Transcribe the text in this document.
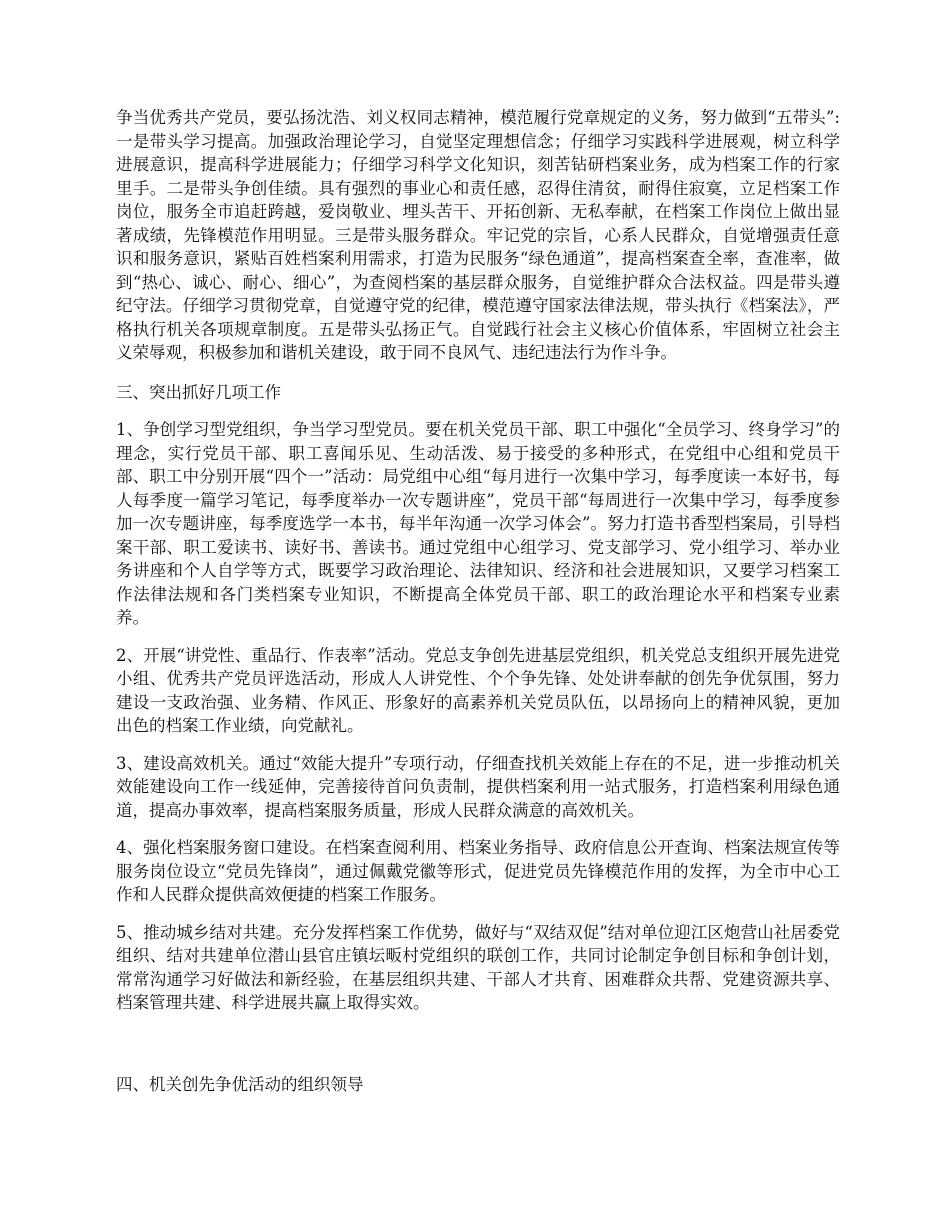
争当优秀共产党员，要弘扬沈浩、刘义权同志精神，模范履行党章规定的义务，努力做到“五带头”:一是带头学习提高。加强政治理论学习，自觉坚定理想信念；仔细学习实践科学进展观，树立科学进展意识，提高科学进展能力；仔细学习科学文化知识，刻苦钻研档案业务，成为档案工作的行家里手。二是带头争创佳绩。具有强烈的事业心和责任感，忍得住清贫，耐得住寂寞，立足档案工作岗位，服务全市追赶跨越，爱岗敬业、埋头苦干、开拓创新、无私奉献，在档案工作岗位上做出显著成绩，先锋模范作用明显。三是带头服务群众。牢记党的宗旨，心系人民群众，自觉增强责任意识和服务意识，紧贴百姓档案利用需求，打造为民服务“绿色通道”，提高档案查全率，查准率，做到“热心、诚心、耐心、细心”，为查阅档案的基层群众服务，自觉维护群众合法权益。四是带头遵纪守法。仔细学习贯彻党章，自觉遵守党的纪律，模范遵守国家法律法规，带头执行《档案法》，严格执行机关各项规章制度。五是带头弘扬正气。自觉践行社会主义核心价值体系，牢固树立社会主义荣辱观，积极参加和谐机关建设，敢于同不良风气、违纪违法行为作斗争。

三、突出抓好几项工作

1、争创学习型党组织，争当学习型党员。要在机关党员干部、职工中强化“全员学习、终身学习”的理念，实行党员干部、职工喜闻乐见、生动活泼、易于接受的多种形式，在党组中心组和党员干部、职工中分别开展“四个一”活动：局党组中心组“每月进行一次集中学习，每季度读一本好书，每人每季度一篇学习笔记，每季度举办一次专题讲座”，党员干部“每周进行一次集中学习，每季度参加一次专题讲座，每季度选学一本书，每半年沟通一次学习体会”。努力打造书香型档案局，引导档案干部、职工爱读书、读好书、善读书。通过党组中心组学习、党支部学习、党小组学习、举办业务讲座和个人自学等方式，既要学习政治理论、法律知识、经济和社会进展知识，又要学习档案工作法律法规和各门类档案专业知识，不断提高全体党员干部、职工的政治理论水平和档案专业素养。

2、开展“讲党性、重品行、作表率”活动。党总支争创先进基层党组织，机关党总支组织开展先进党小组、优秀共产党员评选活动，形成人人讲党性、个个争先锋、处处讲奉献的创先争优氛围，努力建设一支政治强、业务精、作风正、形象好的高素养机关党员队伍，以昂扬向上的精神风貌，更加出色的档案工作业绩，向党献礼。

3、建设高效机关。通过“效能大提升”专项行动，仔细查找机关效能上存在的不足，进一步推动机关效能建设向工作一线延伸，完善接待首问负责制，提供档案利用一站式服务，打造档案利用绿色通道，提高办事效率，提高档案服务质量，形成人民群众满意的高效机关。

4、强化档案服务窗口建设。在档案查阅利用、档案业务指导、政府信息公开查询、档案法规宣传等服务岗位设立“党员先锋岗”，通过佩戴党徽等形式，促进党员先锋模范作用的发挥，为全市中心工作和人民群众提供高效便捷的档案工作服务。

5、推动城乡结对共建。充分发挥档案工作优势，做好与“双结双促”结对单位迎江区炮营山社居委党组织、结对共建单位潜山县官庄镇坛畈村党组织的联创工作，共同讨论制定争创目标和争创计划，常常沟通学习好做法和新经验，在基层组织共建、干部人才共育、困难群众共帮、党建资源共享、档案管理共建、科学进展共赢上取得实效。

四、机关创先争优活动的组织领导
